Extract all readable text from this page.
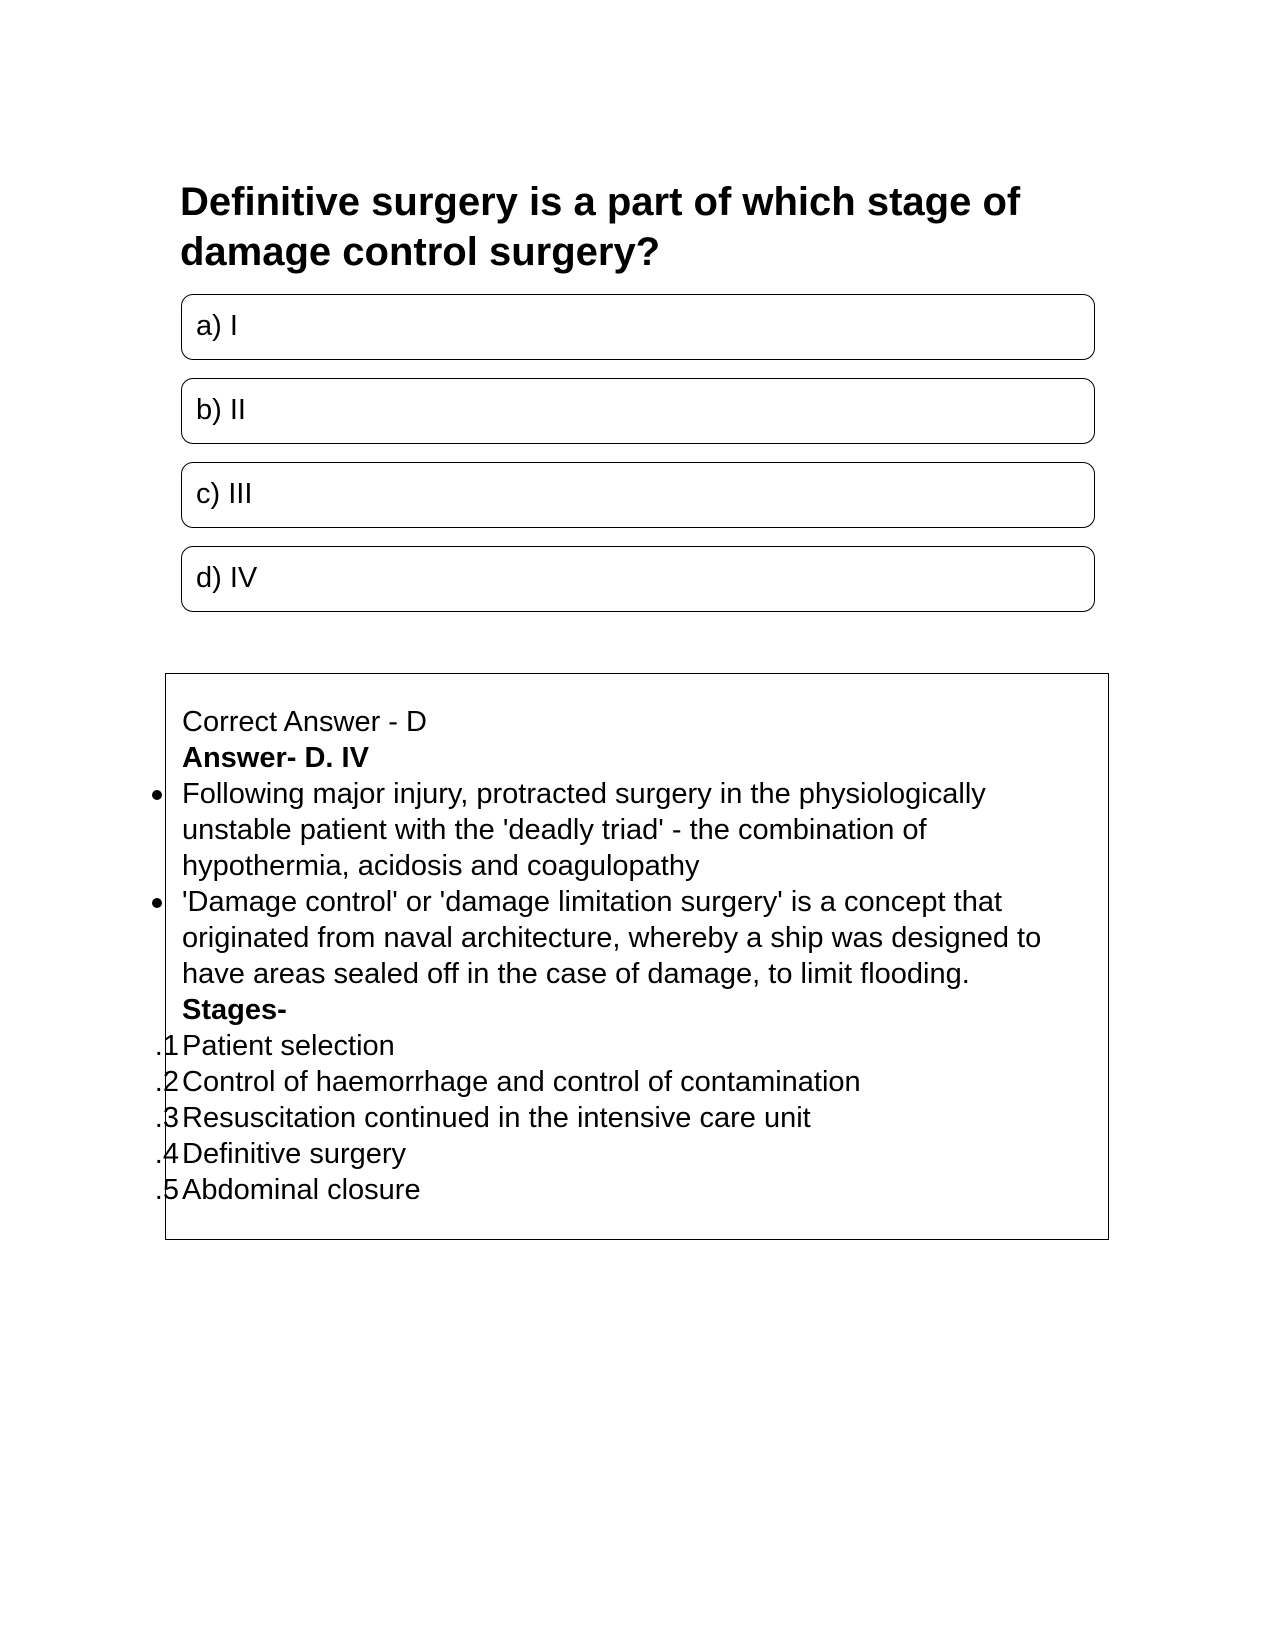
Definitive surgery is a part of which stage of damage control surgery?
a) I
b) II
c) III
d) IV

Correct Answer - D

Answer- D. IV

Following major injury, protracted surgery in the physiologically unstable patient with the 'deadly triad' - the combination of hypothermia, acidosis and coagulopathy

'Damage control' or 'damage limitation surgery' is a concept that originated from naval architecture, whereby a ship was designed to have areas sealed off in the case of damage, to limit flooding.

Stages-

1. Patient selection

2. Control of haemorrhage and control of contamination

3. Resuscitation continued in the intensive care unit

4. Definitive surgery

5. Abdominal closure
